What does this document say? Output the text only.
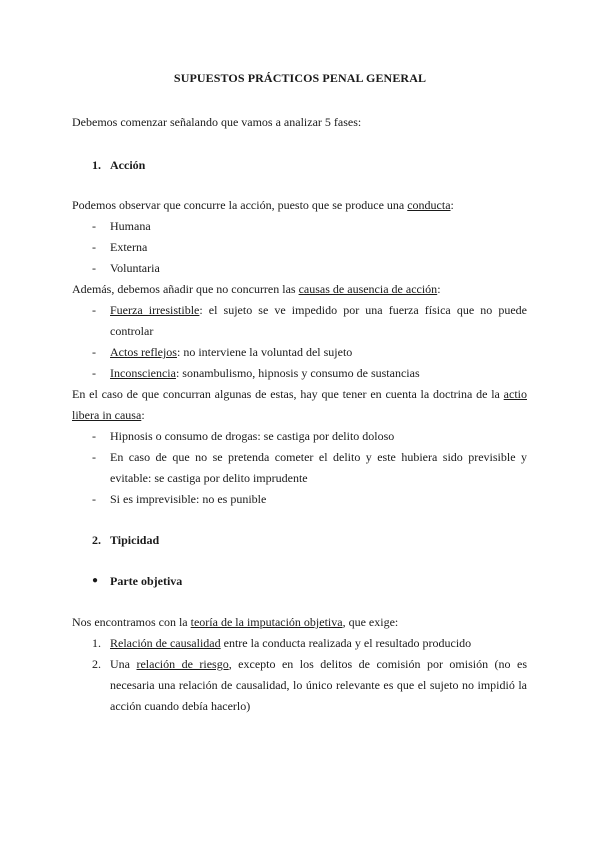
SUPUESTOS PRÁCTICOS PENAL GENERAL
Debemos comenzar señalando que vamos a analizar 5 fases:
1. Acción
Podemos observar que concurre la acción, puesto que se produce una conducta:
- Humana
- Externa
- Voluntaria
Además, debemos añadir que no concurren las causas de ausencia de acción:
- Fuerza irresistible: el sujeto se ve impedido por una fuerza física que no puede
controlar
- Actos reflejos: no interviene la voluntad del sujeto
- Inconsciencia: sonambulismo, hipnosis y consumo de sustancias
En el caso de que concurran algunas de estas, hay que tener en cuenta la doctrina de la actio
libera in causa:
- Hipnosis o consumo de drogas: se castiga por delito doloso
- En caso de que no se pretenda cometer el delito y este hubiera sido previsible y
evitable: se castiga por delito imprudente
- Si es imprevisible: no es punible
2. Tipicidad
● Parte objetiva
Nos encontramos con la teoría de la imputación objetiva, que exige:
1. Relación de causalidad entre la conducta realizada y el resultado producido
2. Una relación de riesgo, excepto en los delitos de comisión por omisión (no es
necesaria una relación de causalidad, lo único relevante es que el sujeto no impidió la
acción cuando debía hacerlo)
